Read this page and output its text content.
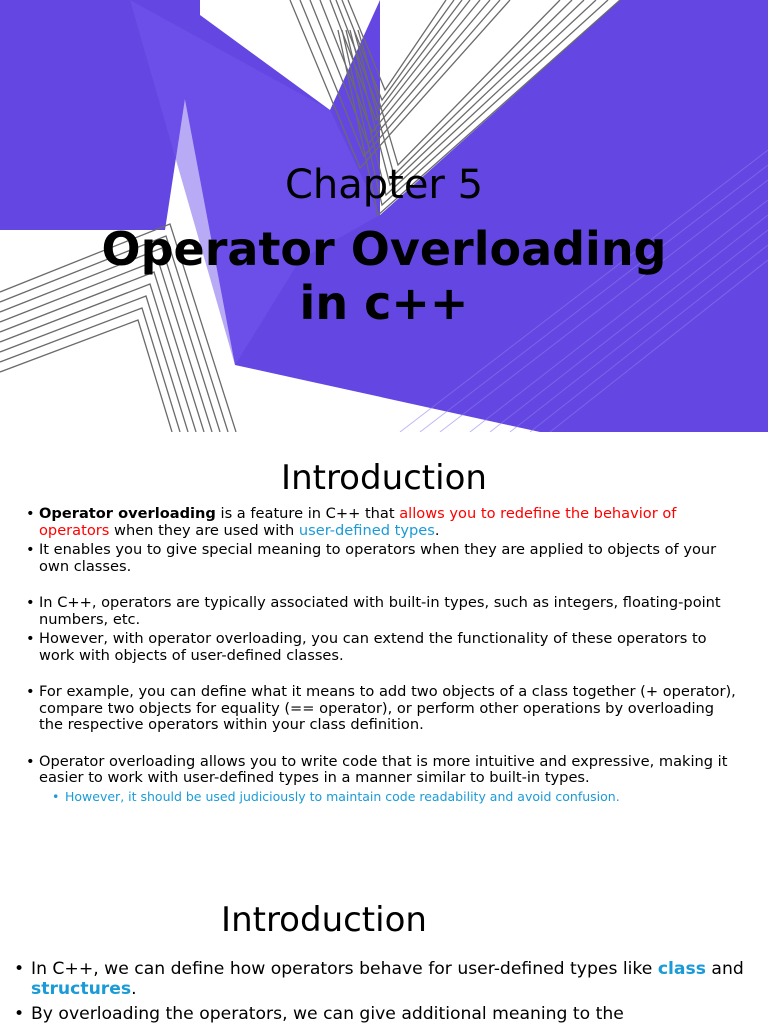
Chapter 5
Operator Overloading
in c++
Introduction
• Operator overloading is a feature in C++ that allows you to redefine the behavior of operators when they are used with user-defined types.
• It enables you to give special meaning to operators when they are applied to objects of your own classes.
• In C++, operators are typically associated with built-in types, such as integers, floating-point numbers, etc.
• However, with operator overloading, you can extend the functionality of these operators to work with objects of user-defined classes.
• For example, you can define what it means to add two objects of a class together (+ operator), compare two objects for equality (== operator), or perform other operations by overloading the respective operators within your class definition.
• Operator overloading allows you to write code that is more intuitive and expressive, making it easier to work with user-defined types in a manner similar to built-in types.
• However, it should be used judiciously to maintain code readability and avoid confusion.
Introduction
• In C++, we can define how operators behave for user-defined types like class and structures.
• By overloading the operators, we can give additional meaning to the
